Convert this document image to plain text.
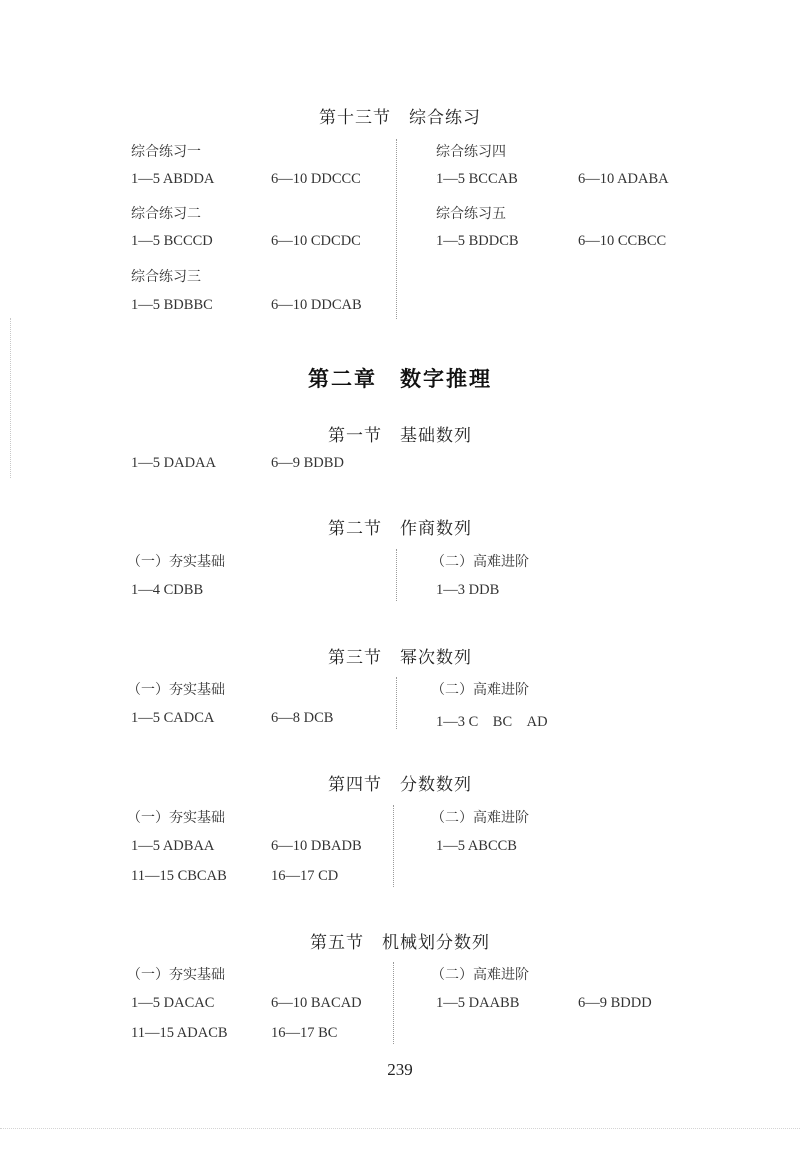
第十三节　综合练习
综合练习一
1—5 ABDDA	6—10 DDCCC
综合练习二
1—5 BCCCD	6—10 CDCDC
综合练习三
1—5 BDBBC	6—10 DDCAB
综合练习四
1—5 BCCAB	6—10 ADABA
综合练习五
1—5 BDDCB	6—10 CCBCC
第二章　数字推理
第一节　基础数列
1—5 DADAA	6—9 BDBD
第二节　作商数列
（一）夯实基础
1—4 CDBB
（二）高难进阶
1—3 DDB
第三节　幂次数列
（一）夯实基础
1—5 CADCA	6—8 DCB
（二）高难进阶
1—3 C　BC　AD
第四节　分数数列
（一）夯实基础
1—5 ADBAA	6—10 DBADB
11—15 CBCAB	16—17 CD
（二）高难进阶
1—5 ABCCB
第五节　机械划分数列
（一）夯实基础
1—5 DACAC	6—10 BACAD
11—15 ADACB	16—17 BC
（二）高难进阶
1—5 DAABB	6—9 BDDD
239
